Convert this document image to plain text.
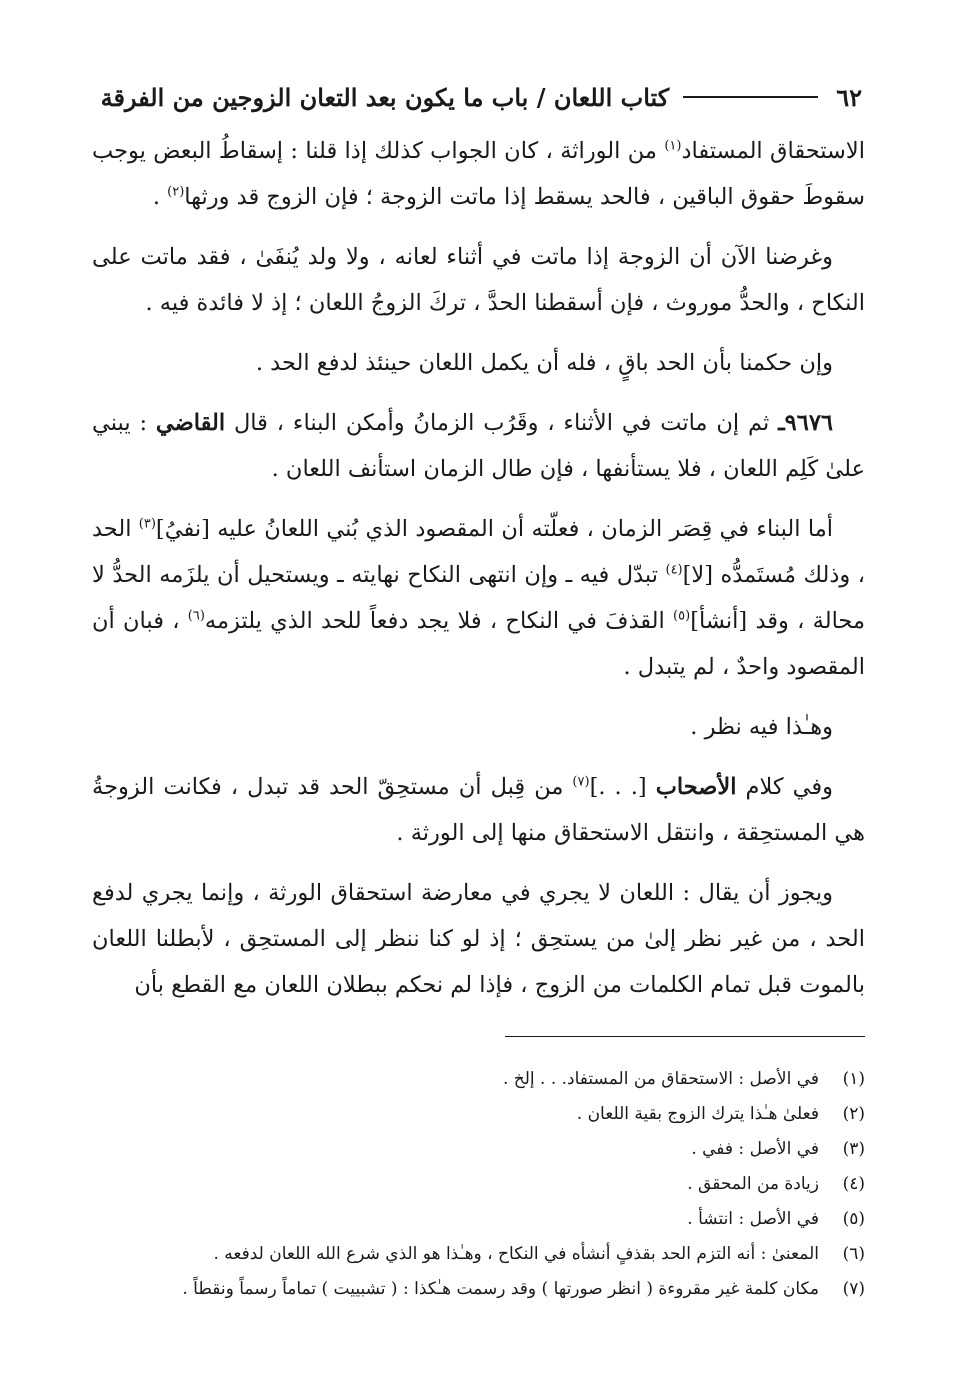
٦٢
كتاب اللعان / باب ما يكون بعد التعان الزوجين من الفرقة

الاستحقاق المستفاد$^{(١)}$ من الوراثة ، كان الجواب كذلك إذا قلنا : إسقاطُ البعض يوجب سقوطَ حقوق الباقين ، فالحد يسقط إذا ماتت الزوجة ؛ فإن الزوج قد ورثها$^{(٢)}$ .

وغرضنا الآن أن الزوجة إذا ماتت في أثناء لعانه ، ولا ولد يُنفَىٰ ، فقد ماتت على النكاح ، والحدُّ موروث ، فإن أسقطنا الحدَّ ، تركَ الزوجُ اللعان ؛ إذ لا فائدة فيه .

وإن حكمنا بأن الحد باقٍ ، فله أن يكمل اللعان حينئذ لدفع الحد .

٩٦٧٦ـ ثم إن ماتت في الأثناء ، وقَرُب الزمانُ وأمكن البناء ، قال القاضي : يبني علىٰ كَلِم اللعان ، فلا يستأنفها ، فإن طال الزمان استأنف اللعان .

أما البناء في قِصَر الزمان ، فعلّته أن المقصود الذي بُني اللعانُ عليه [نفيُ]$^{(٣)}$ الحد ، وذلك مُستَمدُّه [لا]$^{(٤)}$ تبدّل فيه ـ وإن انتهى النكاح نهايته ـ ويستحيل أن يلزَمه الحدُّ لا محالة ، وقد [أنشأ]$^{(٥)}$ القذفَ في النكاح ، فلا يجد دفعاً للحد الذي يلتزمه$^{(٦)}$ ، فبان أن المقصود واحدٌ ، لم يتبدل .

وهـٰذا فيه نظر .

وفي كلام الأصحاب [. . .]$^{(٧)}$ من قِبل أن مستحِقّ الحد قد تبدل ، فكانت الزوجةُ هي المستحِقة ، وانتقل الاستحقاق منها إلى الورثة .

ويجوز أن يقال : اللعان لا يجري في معارضة استحقاق الورثة ، وإنما يجري لدفع الحد ، من غير نظر إلىٰ من يستحِق ؛ إذ لو كنا ننظر إلى المستحِق ، لأبطلنا اللعان بالموت قبل تمام الكلمات من الزوج ، فإذا لم نحكم ببطلان اللعان مع القطع بأن

(١)
في الأصل : الاستحقاق من المستفاد. . . إلخ .
(٢)
فعلىٰ هـٰذا يترك الزوج بقية اللعان .
(٣)
في الأصل : ففي .
(٤)
زيادة من المحقق .
(٥)
في الأصل : انتشأ .
(٦)
المعنىٰ : أنه التزم الحد بقذفٍ أنشأه في النكاح ، وهـٰذا هو الذي شرع الله اللعان لدفعه .
(٧)
مكان كلمة غير مقروءة ( انظر صورتها ) وقد رسمت هـٰكذا : ( تشبييت ) تماماً رسماً ونقطاً .
